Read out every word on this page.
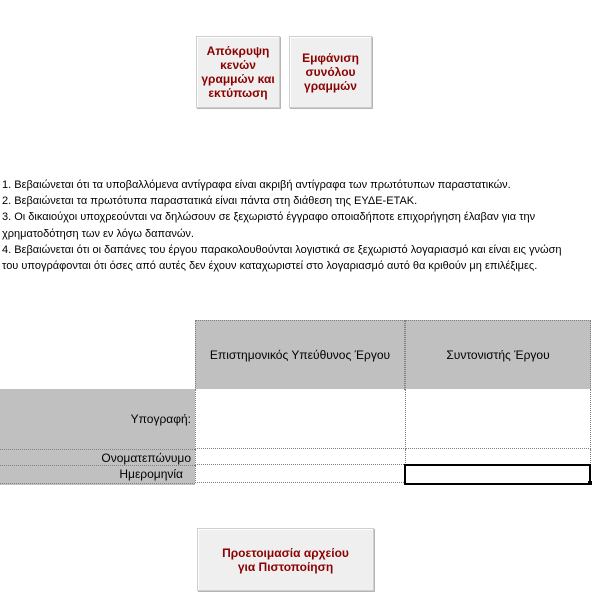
Απόκρυψη κενών γραμμών και εκτύπωση
Εμφάνιση συνόλου γραμμών

1. Βεβαιώνεται ότι τα υποβαλλόμενα αντίγραφα είναι ακριβή αντίγραφα των πρωτότυπων παραστατικών.

2. Βεβαιώνεται τα πρωτότυπα παραστατικά είναι πάντα στη διάθεση της ΕΥΔΕ-ΕΤΑΚ.

3. Οι δικαιούχοι υποχρεούνται να δηλώσουν σε ξεχωριστό έγγραφο οποιαδήποτε επιχορήγηση έλαβαν για την

χρηματοδότηση των εν λόγω δαπανών.

4. Βεβαιώνεται ότι οι δαπάνες του έργου παρακολουθούνται λογιστικά σε ξεχωριστό λογαριασμό και είναι εις γνώση

του υπογράφονται ότι όσες από αυτές δεν έχουν καταχωριστεί στο λογαριασμό αυτό θα κριθούν μη επιλέξιμες.

Επιστημονικός Υπεύθυνος Έργου	Συντονιστής Έργου
Υπογραφή:
Ονοματεπώνυμο
Ημερομηνία
Προετοιμασία αρχείου για Πιστοποίηση
